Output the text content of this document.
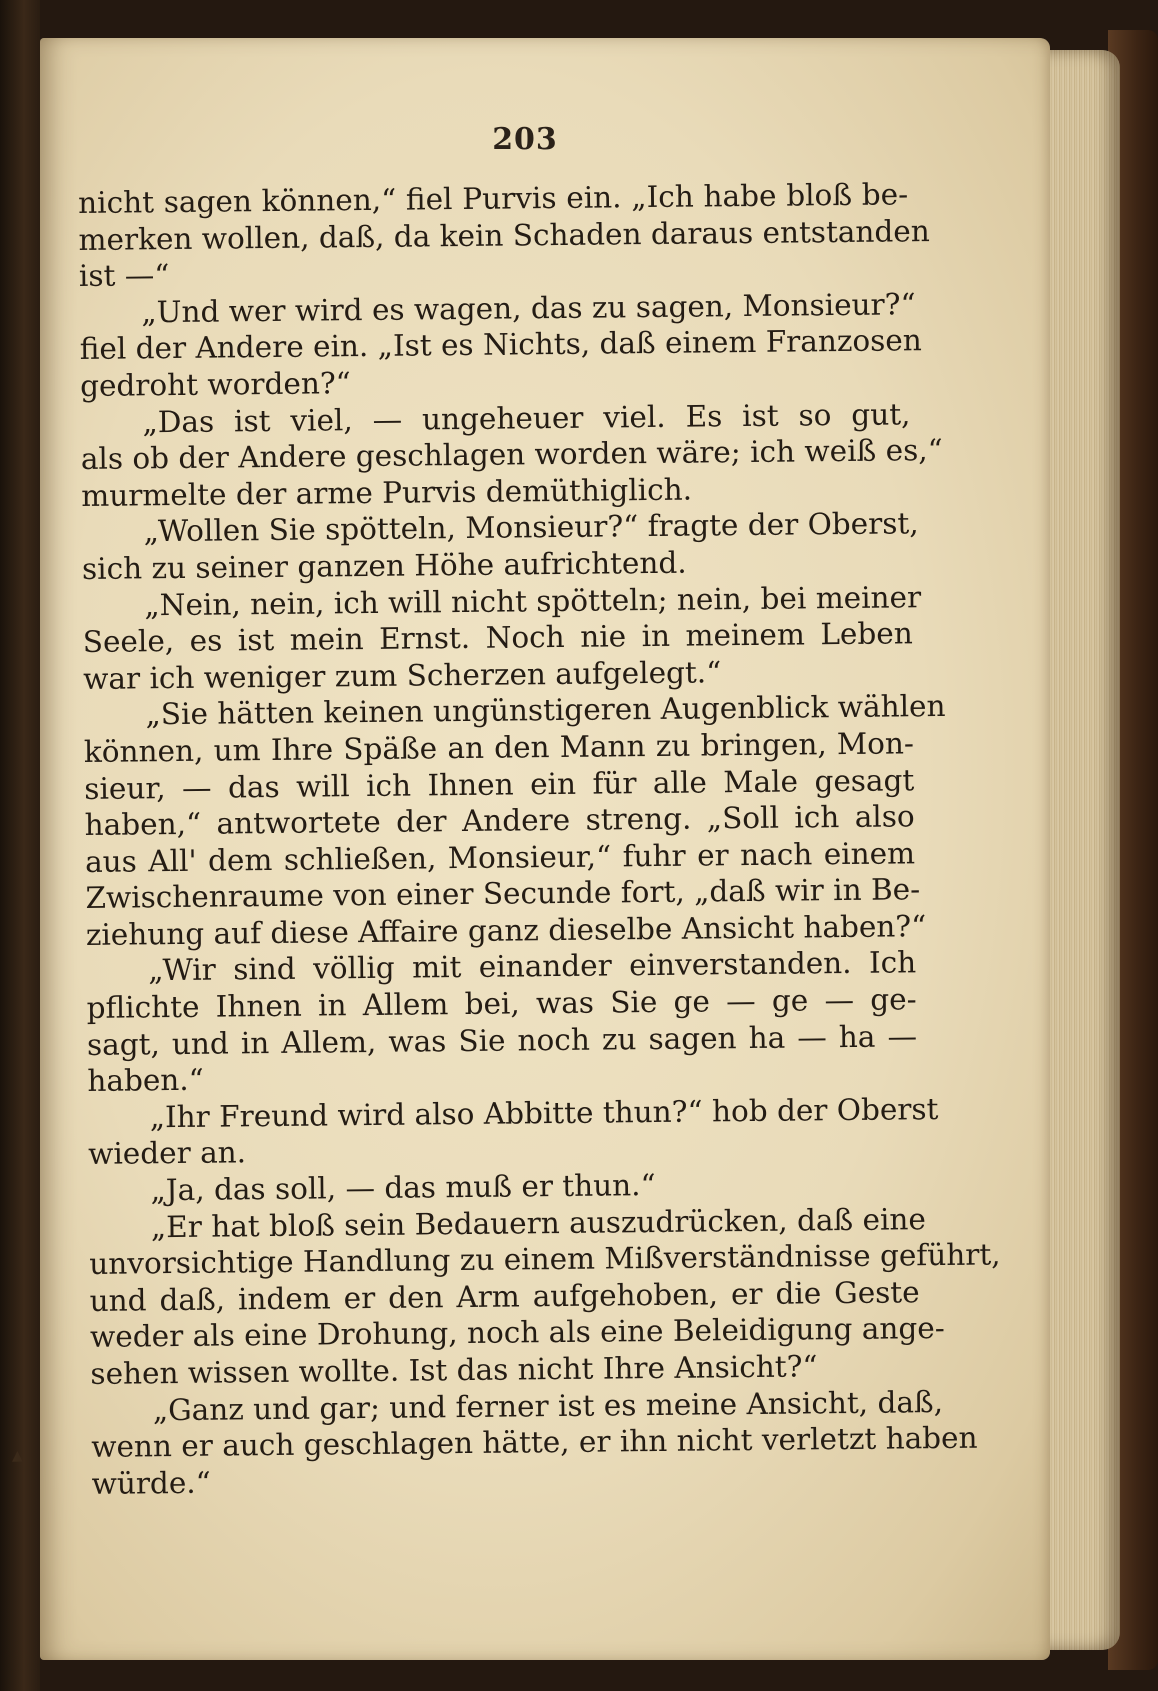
203
nicht sagen können,“ fiel Purvis ein. „Ich habe bloß be-
merken wollen, daß, da kein Schaden daraus entstanden
ist —“
„Und wer wird es wagen, das zu sagen, Monsieur?“
fiel der Andere ein. „Ist es Nichts, daß einem Franzosen
gedroht worden?“
„Das ist viel, — ungeheuer viel. Es ist so gut,
als ob der Andere geschlagen worden wäre; ich weiß es,“
murmelte der arme Purvis demüthiglich.
„Wollen Sie spötteln, Monsieur?“ fragte der Oberst,
sich zu seiner ganzen Höhe aufrichtend.
„Nein, nein, ich will nicht spötteln; nein, bei meiner
Seele, es ist mein Ernst. Noch nie in meinem Leben
war ich weniger zum Scherzen aufgelegt.“
„Sie hätten keinen ungünstigeren Augenblick wählen
können, um Ihre Späße an den Mann zu bringen, Mon-
sieur, — das will ich Ihnen ein für alle Male gesagt
haben,“ antwortete der Andere streng. „Soll ich also
aus All' dem schließen, Monsieur,“ fuhr er nach einem
Zwischenraume von einer Secunde fort, „daß wir in Be-
ziehung auf diese Affaire ganz dieselbe Ansicht haben?“
„Wir sind völlig mit einander einverstanden. Ich
pflichte Ihnen in Allem bei, was Sie ge — ge — ge-
sagt, und in Allem, was Sie noch zu sagen ha — ha —
haben.“
„Ihr Freund wird also Abbitte thun?“ hob der Oberst
wieder an.
„Ja, das soll, — das muß er thun.“
„Er hat bloß sein Bedauern auszudrücken, daß eine
unvorsichtige Handlung zu einem Mißverständnisse geführt,
und daß, indem er den Arm aufgehoben, er die Geste
weder als eine Drohung, noch als eine Beleidigung ange-
sehen wissen wollte. Ist das nicht Ihre Ansicht?“
„Ganz und gar; und ferner ist es meine Ansicht, daß,
wenn er auch geschlagen hätte, er ihn nicht verletzt haben
würde.“
▲
